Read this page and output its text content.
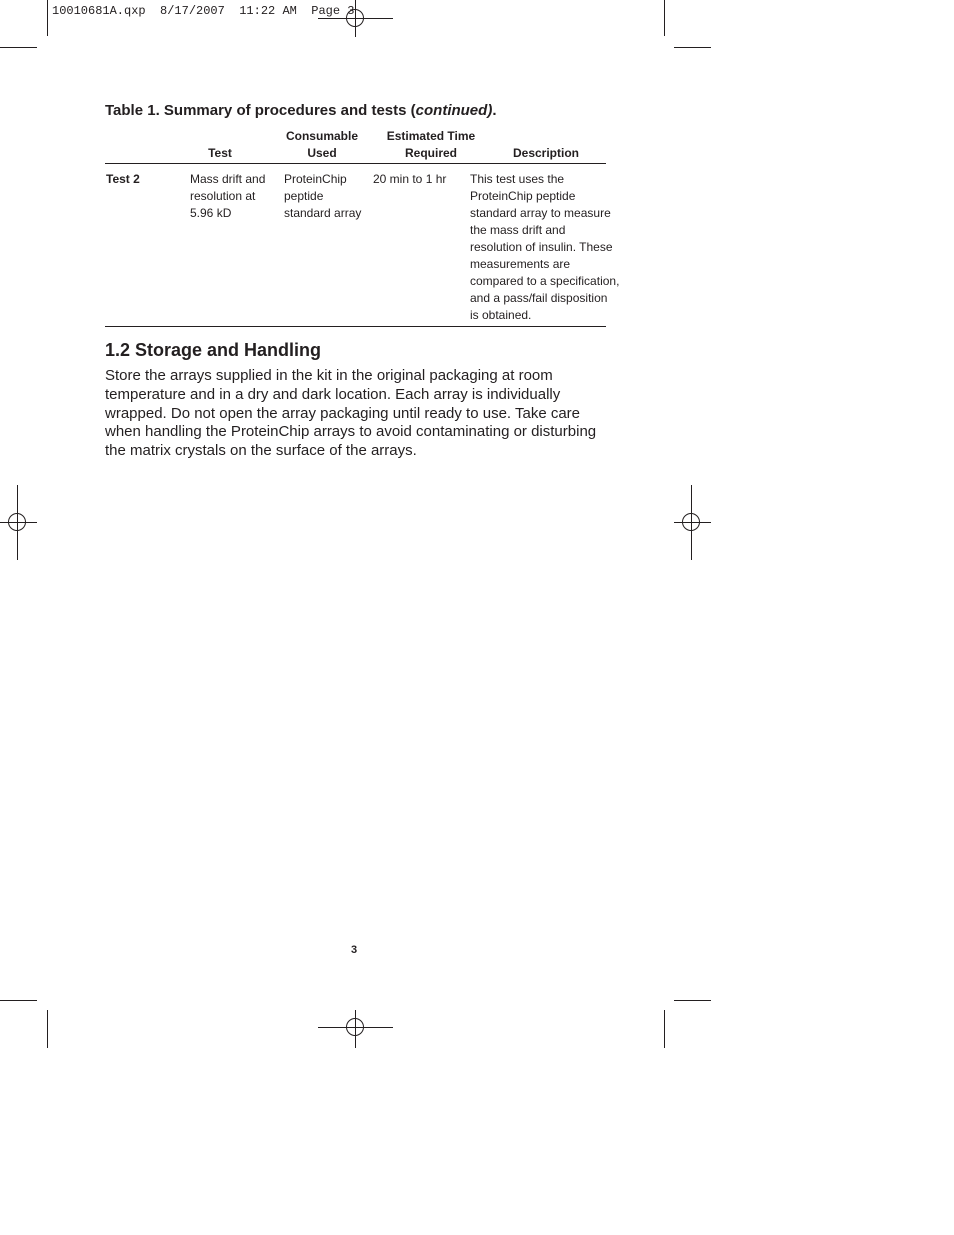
10010681A.qxp  8/17/2007  11:22 AM  Page 3
Table 1. Summary of procedures and tests (continued).
Test
Consumable
Used
Estimated Time
Required	Description
Test 2	Mass drift and
resolution at
5.96 kD
ProteinChip
peptide
standard array
20 min to 1 hr This test uses the
ProteinChip peptide
standard array to measure
the mass drift and
resolution of insulin. These
measurements are
compared to a specification,
and a pass/fail disposition
is obtained.
1.2 Storage and Handling
Store the arrays supplied in the kit in the original packaging at room
temperature and in a dry and dark location. Each array is individually
wrapped. Do not open the array packaging until ready to use. Take care
when handling the ProteinChip arrays to avoid contaminating or disturbing
the matrix crystals on the surface of the arrays.
3
